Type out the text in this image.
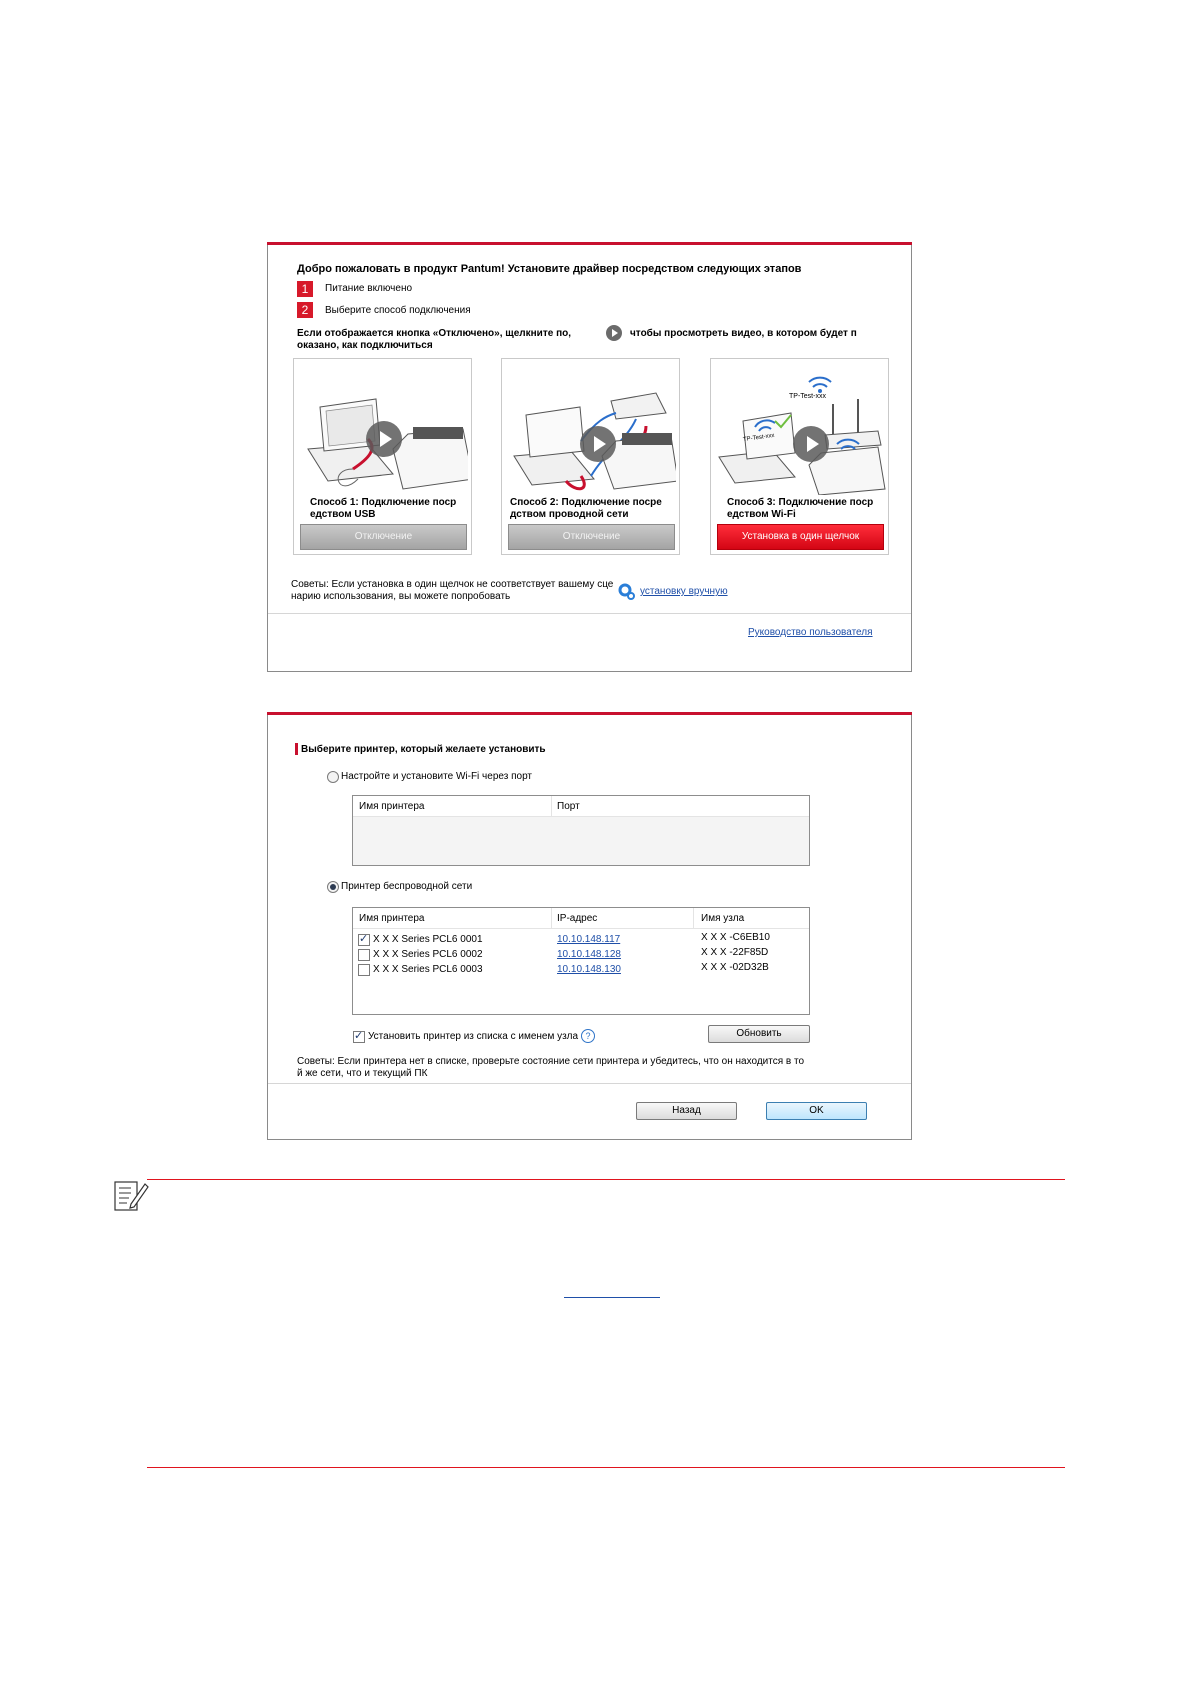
Добро пожаловать в продукт Pantum! Установите драйвер посредством следующих этапов
1	Питание включено
2	Выберите способ подключения
Если отображается кнопка «Отключено», щелкните по,	чтобы просмотреть видео, в котором будет п
оказано, как подключиться
Способ 1: Подключение поср едством USB
Отключение
Способ 2: Подключение посре дством проводной сети
Отключение
TP-Test-xxx
TP-Test-xxx
Способ 3: Подключение поср едством Wi-Fi
Установка в один щелчок
Советы: Если установка в один щелчок не соответствует вашему сце
нарию использования, вы можете попробовать	установку вручную
Руководство пользователя
Выберите принтер, который желаете установить
Настройте и установите Wi-Fi через порт
Имя принтера	Порт
Принтер беспроводной сети
Имя принтера	IP-адрес	Имя узла
✓
X X X Series PCL6 0001	10.10.148.117	X X X -C6EB10
X X X Series PCL6 0002	10.10.148.128	X X X -22F85D
X X X Series PCL6 0003	10.10.148.130	X X X -02D32B
✓
Установить принтер из списка с именем узла ?	Обновить
Советы: Если принтера нет в списке, проверьте состояние сети принтера и убедитесь, что он находится в то
й же сети, что и текущий ПК
Назад	OK
